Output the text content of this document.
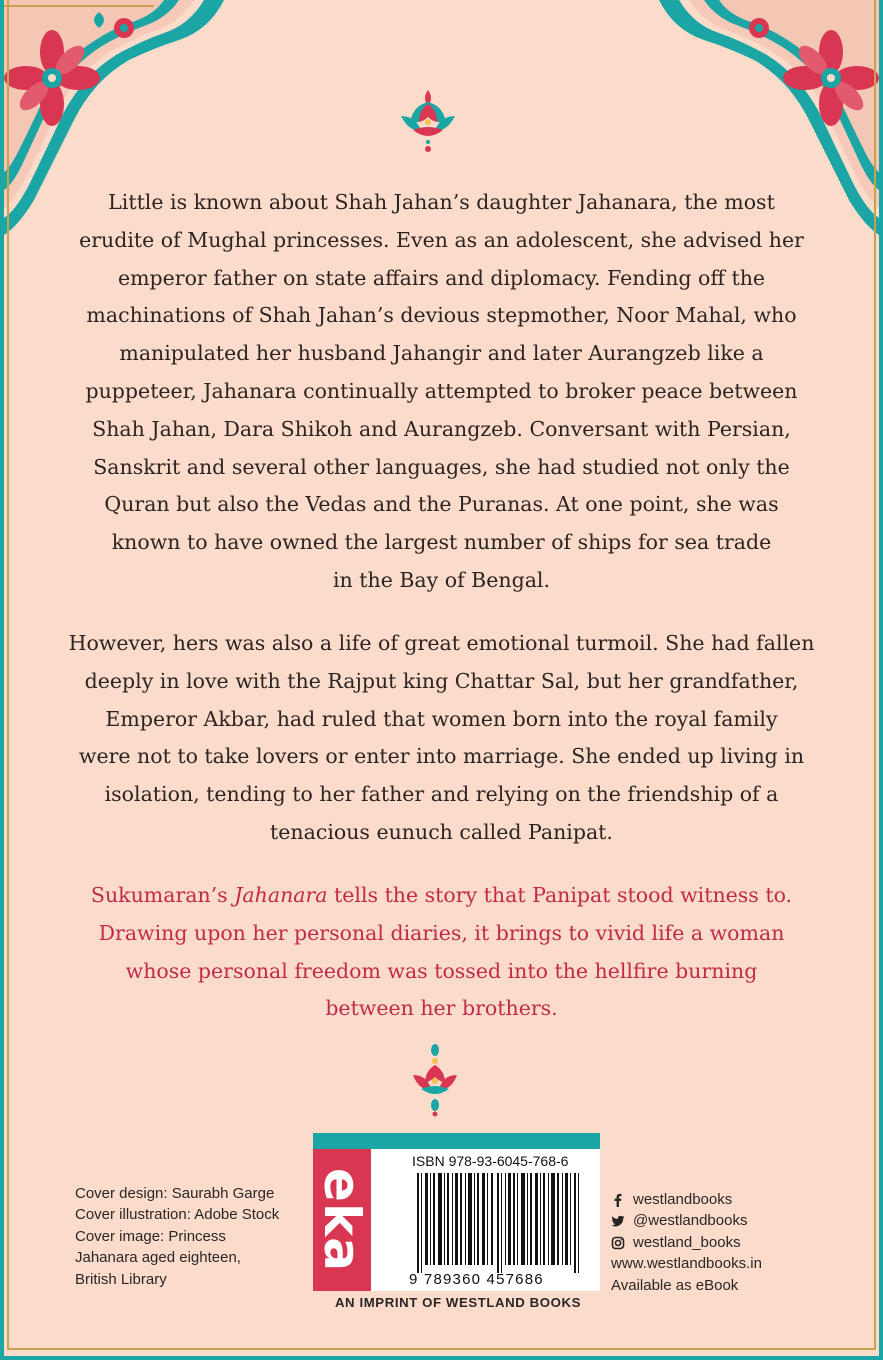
Little is known about Shah Jahan’s daughter Jahanara, the most
erudite of Mughal princesses. Even as an adolescent, she advised her
emperor father on state affairs and diplomacy. Fending off the
machinations of Shah Jahan’s devious stepmother, Noor Mahal, who
manipulated her husband Jahangir and later Aurangzeb like a
puppeteer, Jahanara continually attempted to broker peace between
Shah Jahan, Dara Shikoh and Aurangzeb. Conversant with Persian,
Sanskrit and several other languages, she had studied not only the
Quran but also the Vedas and the Puranas. At one point, she was
known to have owned the largest number of ships for sea trade
in the Bay of Bengal.

However, hers was also a life of great emotional turmoil. She had fallen
deeply in love with the Rajput king Chattar Sal, but her grandfather,
Emperor Akbar, had ruled that women born into the royal family
were not to take lovers or enter into marriage. She ended up living in
isolation, tending to her father and relying on the friendship of a
tenacious eunuch called Panipat.

Sukumaran’s Jahanara tells the story that Panipat stood witness to.
Drawing upon her personal diaries, it brings to vivid life a woman
whose personal freedom was tossed into the hellfire burning
between her brothers.

Cover design: Saurabh Garge
Cover illustration: Adobe Stock
Cover image: Princess
Jahanara aged eighteen,
British Library
eka
ISBN 978-93-6045-768-6
9 789360 457686
AN IMPRINT OF WESTLAND BOOKS
westlandbooks
@westlandbooks
westland_books
www.westlandbooks.in
Available as eBook
